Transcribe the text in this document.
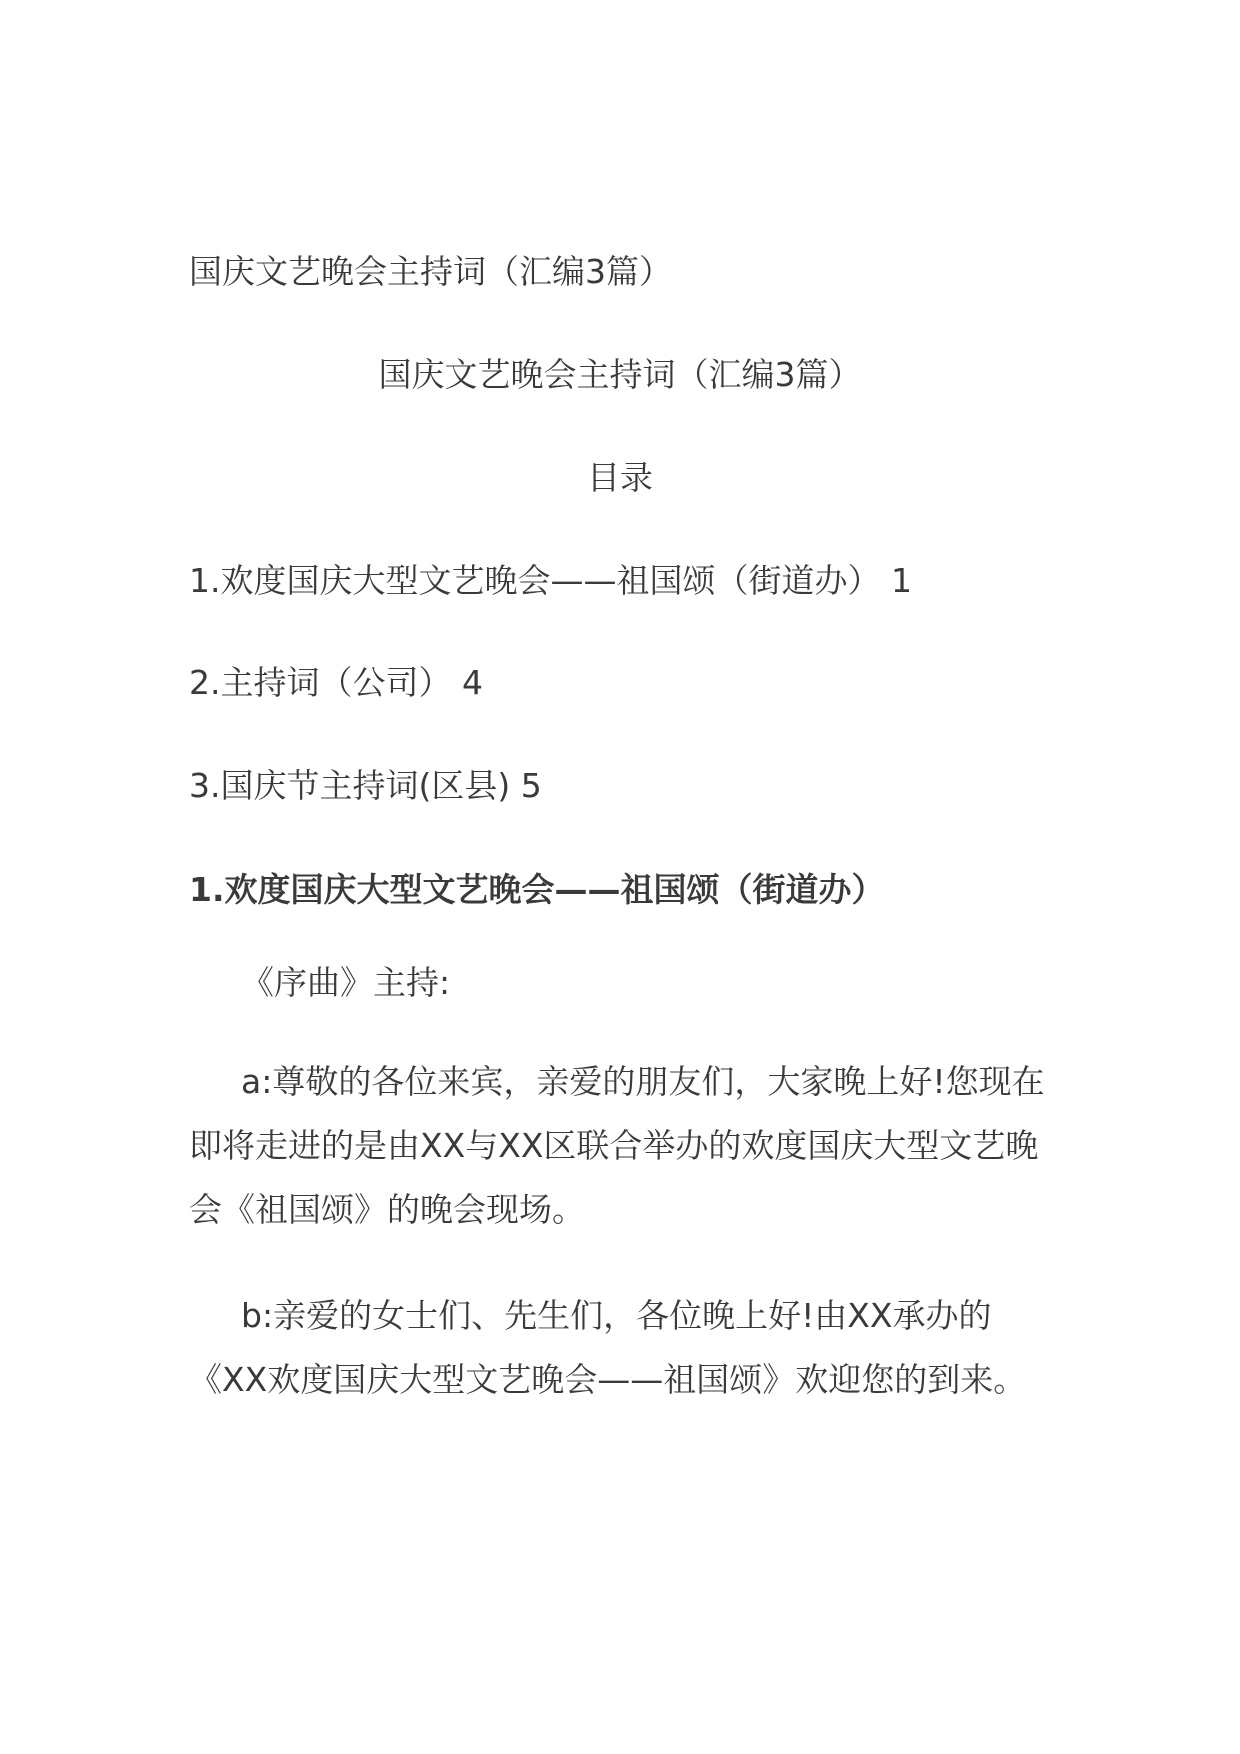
国庆文艺晚会主持词（汇编3篇）
国庆文艺晚会主持词（汇编3篇）
目录
1.欢度国庆大型文艺晚会——祖国颂（街道办） 1
2.主持词（公司） 4
3.国庆节主持词(区县) 5
1.欢度国庆大型文艺晚会——祖国颂（街道办）
《序曲》主持:
a:尊敬的各位来宾，亲爱的朋友们，大家晚上好!您现在即将走进的是由XX与XX区联合举办的欢度国庆大型文艺晚会《祖国颂》的晚会现场。
b:亲爱的女士们、先生们，各位晚上好!由XX承办的《XX欢度国庆大型文艺晚会——祖国颂》欢迎您的到来。
